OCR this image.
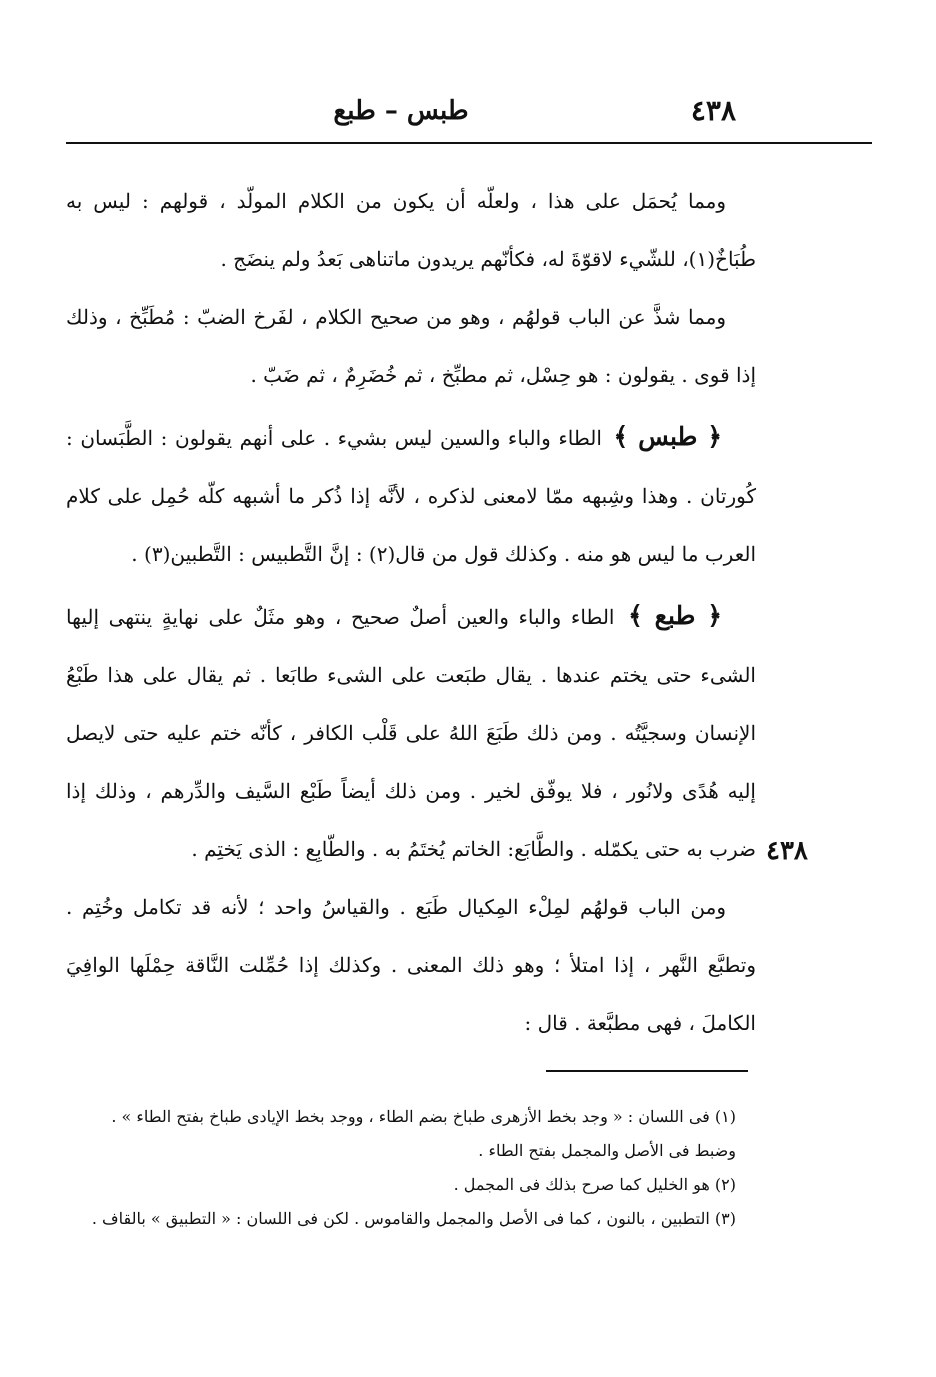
٤٣٨
طبس – طبع

ومما يُحمَل على هذا ، ولعلّه أن يكون من الكلام المولّد ، قولهم : ليس به طُبَاخٌ(١)، للشّيء لاقوّةَ له، فكأنّهم يريدون ماتناهى بَعدُ ولم ينضَج .

ومما شذَّ عن الباب قولهُم ، وهو من صحيح الكلام ، لفَرخ الضبّ : مُطَبِّخ ، وذلك إذا قوى . يقولون : هو حِسْل، ثم مطبِّخ ، ثم خُضَرِمٌ ، ثم ضَبّ .

﴿ طبس ﴾ الطاء والباء والسين ليس بشيء . على أنهم يقولون : الطَّبَسان : كُورتان . وهذا وشِبهه ممّا لامعنى لذكره ، لأنَّه إذا ذُكر ما أشبهه كلّه حُمِل على كلام العرب ما ليس هو منه . وكذلك قول من قال(٢) : إنَّ التَّطبيس : التَّطبين(٣) .

﴿ طبع ﴾ الطاء والباء والعين أصلٌ صحيح ، وهو مثَلٌ على نهايةٍ ينتهى إليها الشىء حتى يختم عندها . يقال طبَعت على الشىء طابَعا . ثم يقال على هذا طَبْعُ الإنسان وسجيَّتُه . ومن ذلك طَبَعَ اللهُ على قَلْب الكافر ، كأنّه ختم عليه حتى لايصل إليه هُدًى ولانُور ، فلا يوفّق لخير . ومن ذلك أيضاً طَبْع السَّيف والدِّرهم ، وذلك إذا ضرب به حتى يكمّله . والطَّابَع: الخاتم يُختَمُ به . والطّابِع : الذى يَختِم .

ومن الباب قولهُم لمِلْء المِكيال طَبَع . والقياسُ واحد ؛ لأنه قد تكامل وخُتِم . وتطبَّع النَّهر ، إذا امتلأ ؛ وهو ذلك المعنى . وكذلك إذا حُمِّلت النَّاقة حِمْلَها الوافِيَ الكاملَ ، فهى مطبَّعة . قال :

٤٣٨

(١) فى اللسان : « وجد بخط الأزهرى طباخ بضم الطاء ، ووجد بخط الإيادى طباخ بفتح الطاء » . وضبط فى الأصل والمجمل بفتح الطاء .

(٢) هو الخليل كما صرح بذلك فى المجمل .

(٣) التطبين ، بالنون ، كما فى الأصل والمجمل والقاموس . لكن فى اللسان : « التطبيق » بالقاف .
